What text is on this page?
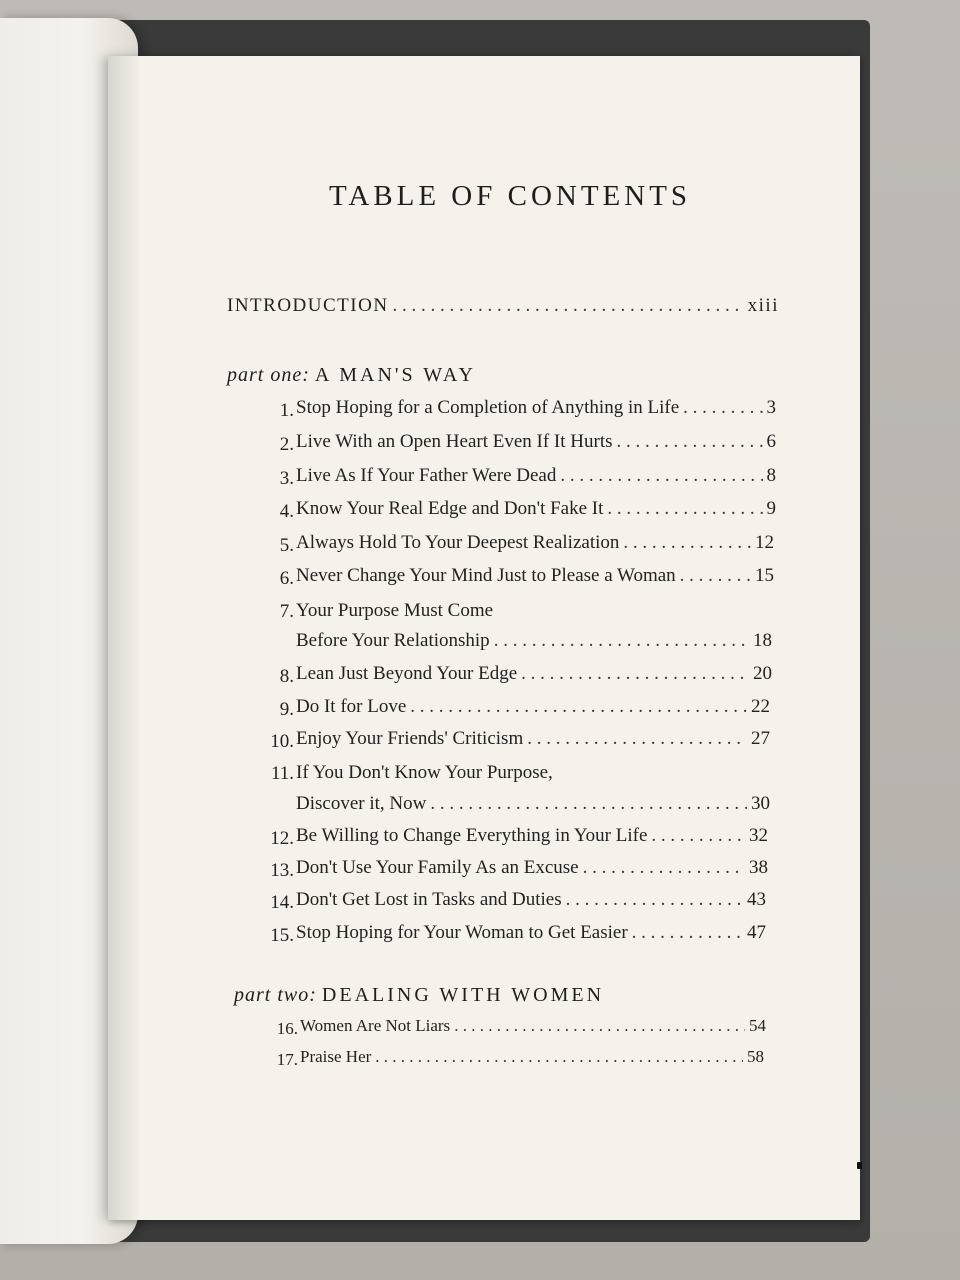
TABLE OF CONTENTS
INTRODUCTION . . .	xiii
part one: A MAN'S WAY
1. Stop Hoping for a Completion of Anything in Life . . .	3
2. Live With an Open Heart Even If It Hurts . . .	6
3. Live As If Your Father Were Dead . . .	8
4. Know Your Real Edge and Don't Fake It . . .	9
5. Always Hold To Your Deepest Realization . . .	12
6. Never Change Your Mind Just to Please a Woman . . .	15
7. Your Purpose Must Come
Before Your Relationship . . .	18
8. Lean Just Beyond Your Edge . . .	20
9. Do It for Love . . .	22
10. Enjoy Your Friends' Criticism . . .	27
11. If You Don't Know Your Purpose,
Discover it, Now . . .	30
12. Be Willing to Change Everything in Your Life . . .	32
13. Don't Use Your Family As an Excuse . . .	38
14. Don't Get Lost in Tasks and Duties . . .	43
15. Stop Hoping for Your Woman to Get Easier . . .	47
part two: DEALING WITH WOMEN
16. Women Are Not Liars . . .	54
17. Praise Her . . .	58
